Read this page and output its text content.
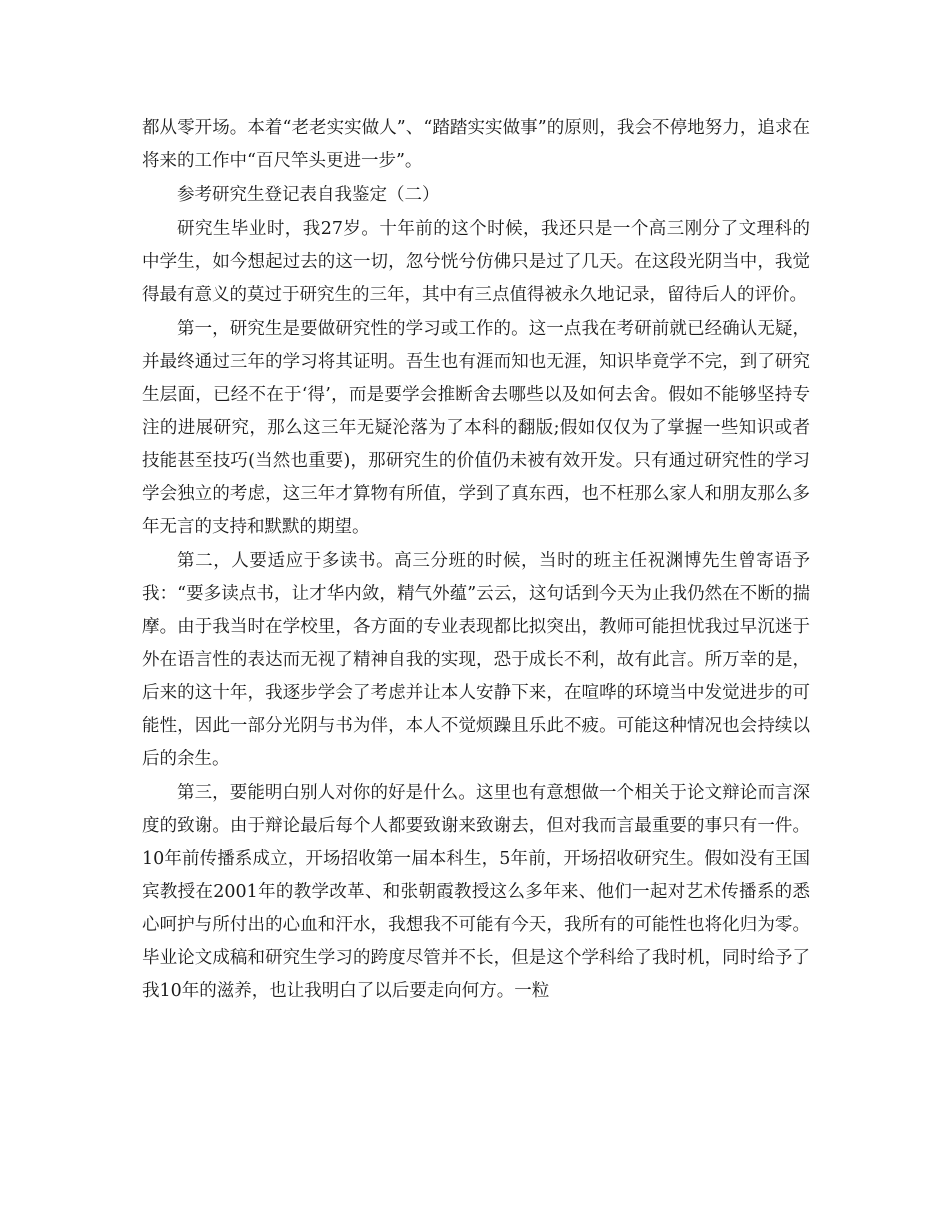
都从零开场。本着“老老实实做人”、“踏踏实实做事”的原则，我会不停地努力，追求在将来的工作中“百尺竿头更进一步”。

参考研究生登记表自我鉴定（二）

研究生毕业时，我27岁。十年前的这个时候，我还只是一个高三刚分了文理科的中学生，如今想起过去的这一切，忽兮恍兮仿佛只是过了几天。在这段光阴当中，我觉得最有意义的莫过于研究生的三年，其中有三点值得被永久地记录，留待后人的评价。

第一，研究生是要做研究性的学习或工作的。这一点我在考研前就已经确认无疑，并最终通过三年的学习将其证明。吾生也有涯而知也无涯，知识毕竟学不完，到了研究生层面，已经不在于‘得’，而是要学会推断舍去哪些以及如何去舍。假如不能够坚持专注的进展研究，那么这三年无疑沦落为了本科的翻版;假如仅仅为了掌握一些知识或者技能甚至技巧(当然也重要)，那研究生的价值仍未被有效开发。只有通过研究性的学习学会独立的考虑，这三年才算物有所值，学到了真东西，也不枉那么家人和朋友那么多年无言的支持和默默的期望。

第二，人要适应于多读书。高三分班的时候，当时的班主任祝渊博先生曾寄语予我：“要多读点书，让才华内敛，精气外蕴”云云，这句话到今天为止我仍然在不断的揣摩。由于我当时在学校里，各方面的专业表现都比拟突出，教师可能担忧我过早沉迷于外在语言性的表达而无视了精神自我的实现，恐于成长不利，故有此言。所万幸的是，后来的这十年，我逐步学会了考虑并让本人安静下来，在喧哗的环境当中发觉进步的可能性，因此一部分光阴与书为伴，本人不觉烦躁且乐此不疲。可能这种情况也会持续以后的余生。

第三，要能明白别人对你的好是什么。这里也有意想做一个相关于论文辩论而言深度的致谢。由于辩论最后每个人都要致谢来致谢去，但对我而言最重要的事只有一件。10年前传播系成立，开场招收第一届本科生，5年前，开场招收研究生。假如没有王国宾教授在2001年的教学改革、和张朝霞教授这么多年来、他们一起对艺术传播系的悉心呵护与所付出的心血和汗水，我想我不可能有今天，我所有的可能性也将化归为零。毕业论文成稿和研究生学习的跨度尽管并不长，但是这个学科给了我时机，同时给予了我10年的滋养，也让我明白了以后要走向何方。一粒
